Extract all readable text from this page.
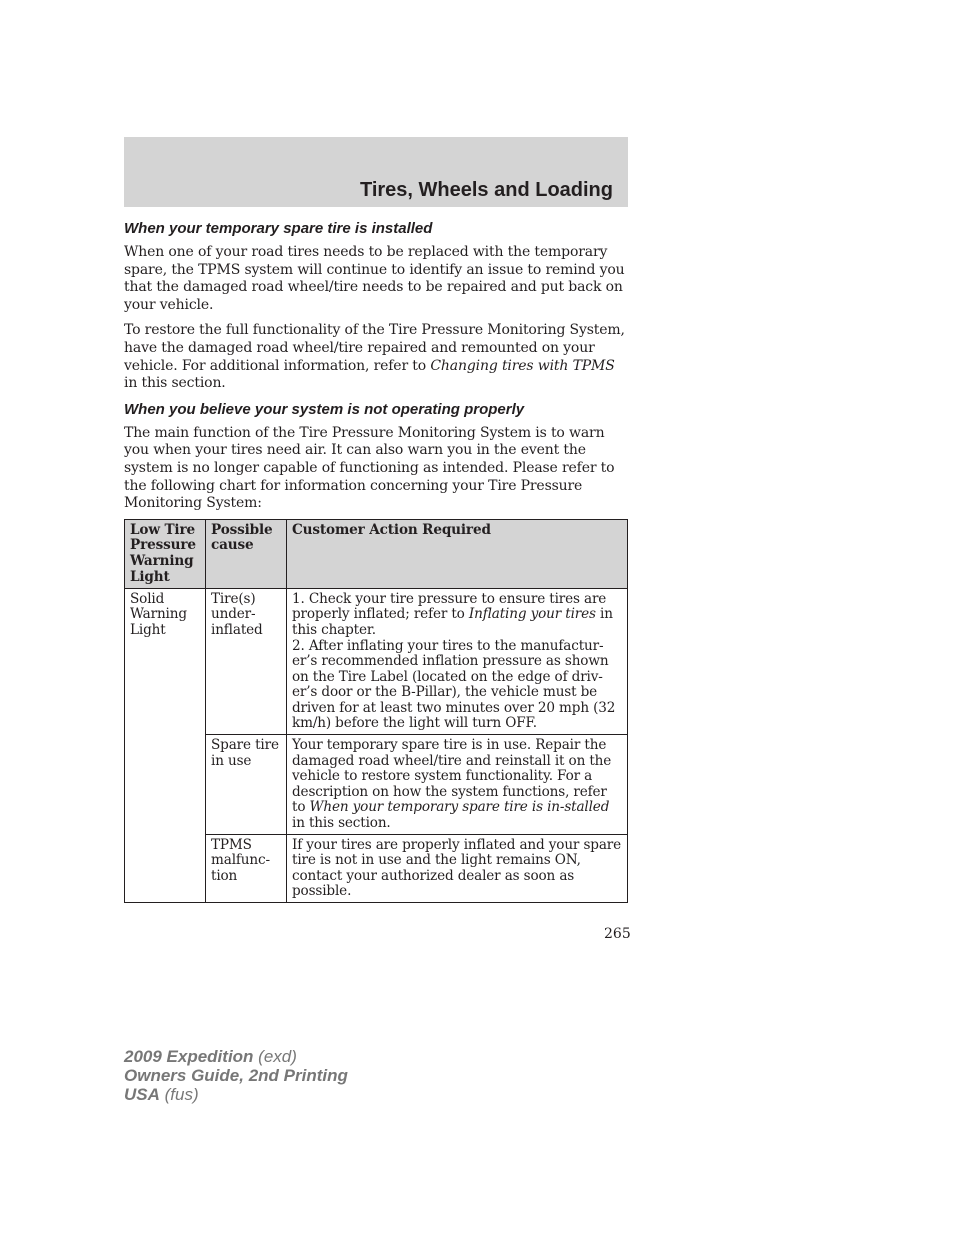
Tires, Wheels and Loading
When your temporary spare tire is installed

When one of your road tires needs to be replaced with the temporary spare, the TPMS system will continue to identify an issue to remind you that the damaged road wheel/tire needs to be repaired and put back on your vehicle.

To restore the full functionality of the Tire Pressure Monitoring System, have the damaged road wheel/tire repaired and remounted on your vehicle. For additional information, refer to Changing tires with TPMS in this section.

When you believe your system is not operating properly

The main function of the Tire Pressure Monitoring System is to warn you when your tires need air. It can also warn you in the event the system is no longer capable of functioning as intended. Please refer to the following chart for information concerning your Tire Pressure Monitoring System:

Low Tire Pressure Warning Light	Possible cause	Customer Action Required
Solid Warning Light	Tire(s) under-inflated	1. Check your tire pressure to ensure tires are properly inflated; refer to Inflating your tires in this chapter.
2. After inflating your tires to the manufactur-er’s recommended inflation pressure as shown on the Tire Label (located on the edge of driv-er’s door or the B-Pillar), the vehicle must be driven for at least two minutes over 20 mph (32 km/h) before the light will turn OFF.
	Spare tire in use	Your temporary spare tire is in use. Repair the damaged road wheel/tire and reinstall it on the vehicle to restore system functionality. For a description on how the system functions, refer to When your temporary spare tire is in-stalled in this section.
	TPMS malfunc-tion	If your tires are properly inflated and your spare tire is not in use and the light remains ON, contact your authorized dealer as soon as possible.
265
2009 Expedition (exd)
Owners Guide, 2nd Printing
USA (fus)
